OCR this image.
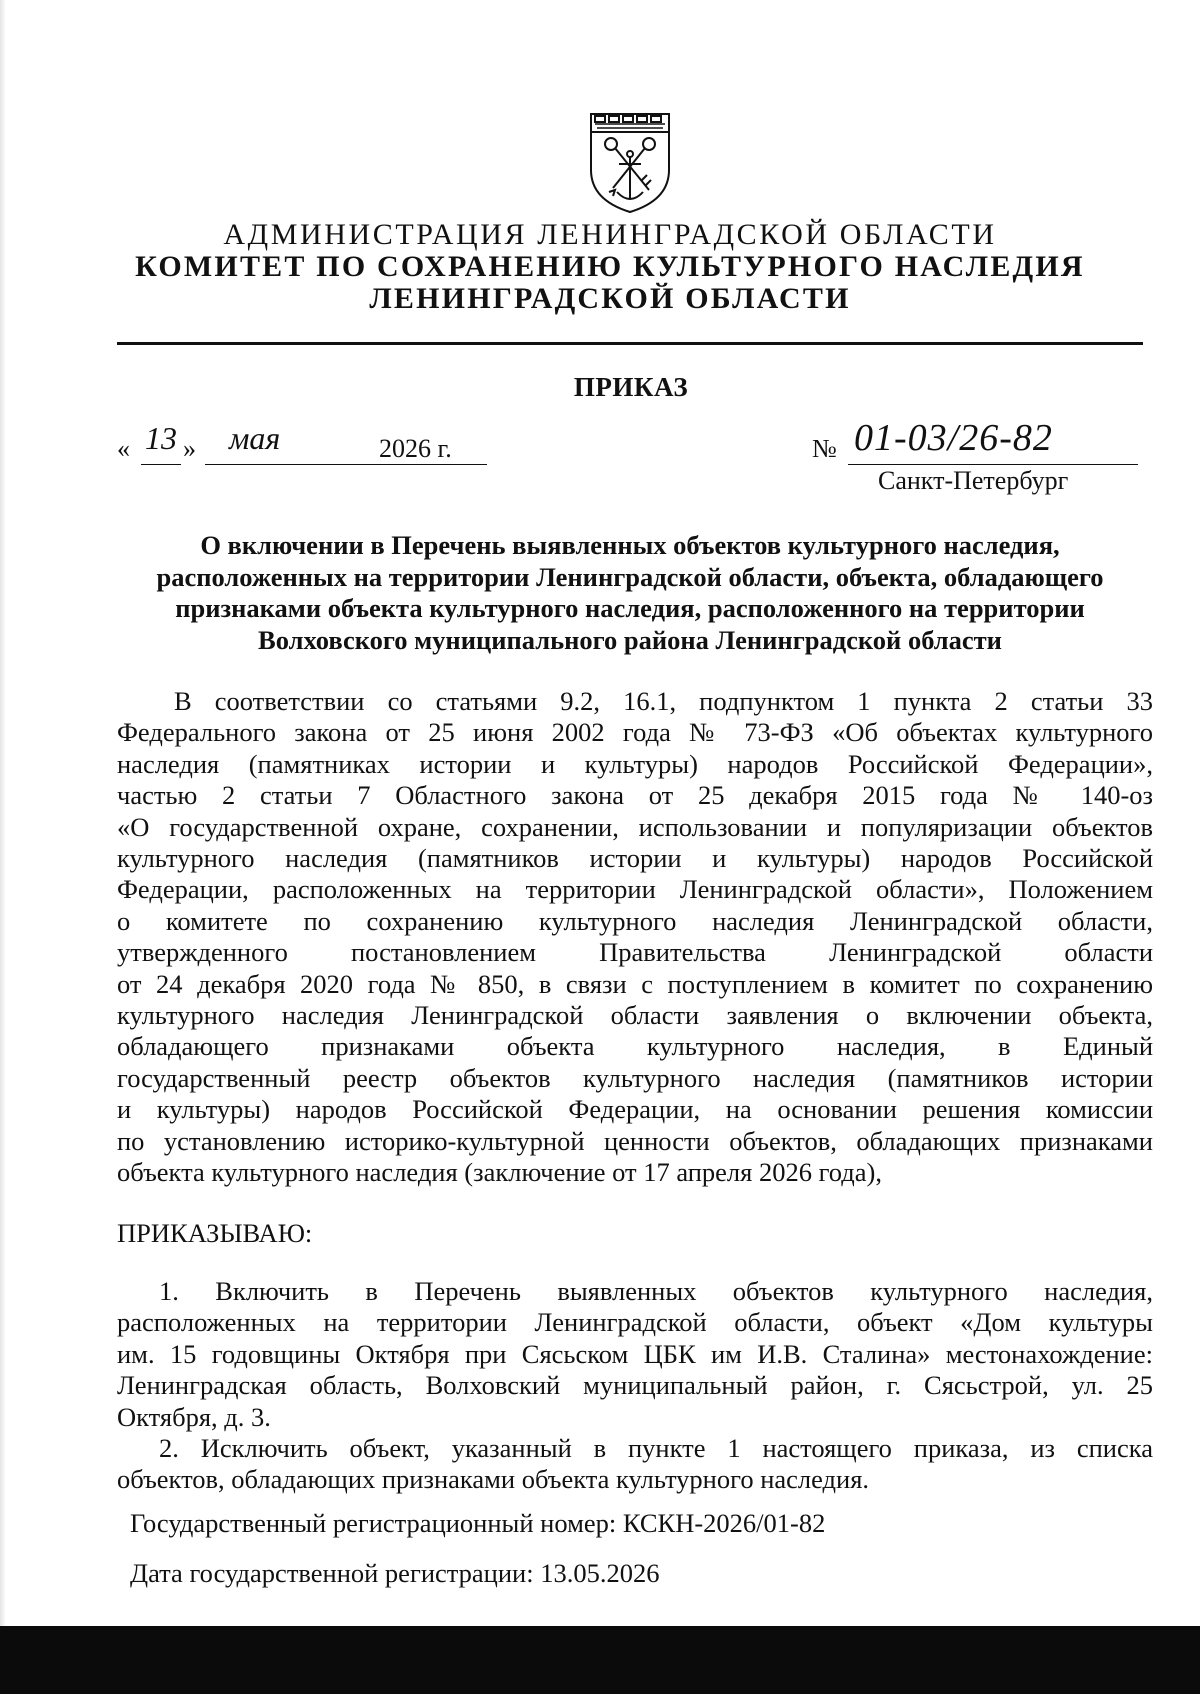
АДМИНИСТРАЦИЯ ЛЕНИНГРАДСКОЙ ОБЛАСТИ
КОМИТЕТ ПО СОХРАНЕНИЮ КУЛЬТУРНОГО НАСЛЕДИЯ
ЛЕНИНГРАДСКОЙ ОБЛАСТИ
ПРИКАЗ
« 13 » мая	2026 г.	№ 01-03/26-82
Санкт-Петербург

О включении в Перечень выявленных объектов культурного наследия,
расположенных на территории Ленинградской области, объекта, обладающего
признаками объекта культурного наследия, расположенного на территории
Волховского муниципального района Ленинградской области

В соответствии со статьями 9.2, 16.1, подпунктом 1 пункта 2 статьи 33
Федерального закона от 25 июня 2002 года № 73-ФЗ «Об объектах культурного
наследия (памятниках истории и культуры) народов Российской Федерации»,
частью 2 статьи 7 Областного закона от 25 декабря 2015 года № 140-оз
«О государственной охране, сохранении, использовании и популяризации объектов
культурного наследия (памятников истории и культуры) народов Российской
Федерации, расположенных на территории Ленинградской области», Положением
о комитете по сохранению культурного наследия Ленинградской области,
утвержденного постановлением Правительства Ленинградской области
от 24 декабря 2020 года № 850, в связи с поступлением в комитет по сохранению
культурного наследия Ленинградской области заявления о включении объекта,
обладающего признаками объекта культурного наследия, в Единый
государственный реестр объектов культурного наследия (памятников истории
и культуры) народов Российской Федерации, на основании решения комиссии
по установлению историко-культурной ценности объектов, обладающих признаками
объекта культурного наследия (заключение от 17 апреля 2026 года),

ПРИКАЗЫВАЮ:

1. Включить в Перечень выявленных объектов культурного наследия,
расположенных на территории Ленинградской области, объект «Дом культуры
им. 15 годовщины Октября при Сясьском ЦБК им И.В. Сталина» местонахождение:
Ленинградская область, Волховский муниципальный район, г. Сясьстрой, ул. 25
Октября, д. 3.

2. Исключить объект, указанный в пункте 1 настоящего приказа, из списка
объектов, обладающих признаками объекта культурного наследия.

Государственный регистрационный номер: КСКН-2026/01-82

Дата государственной регистрации: 13.05.2026
